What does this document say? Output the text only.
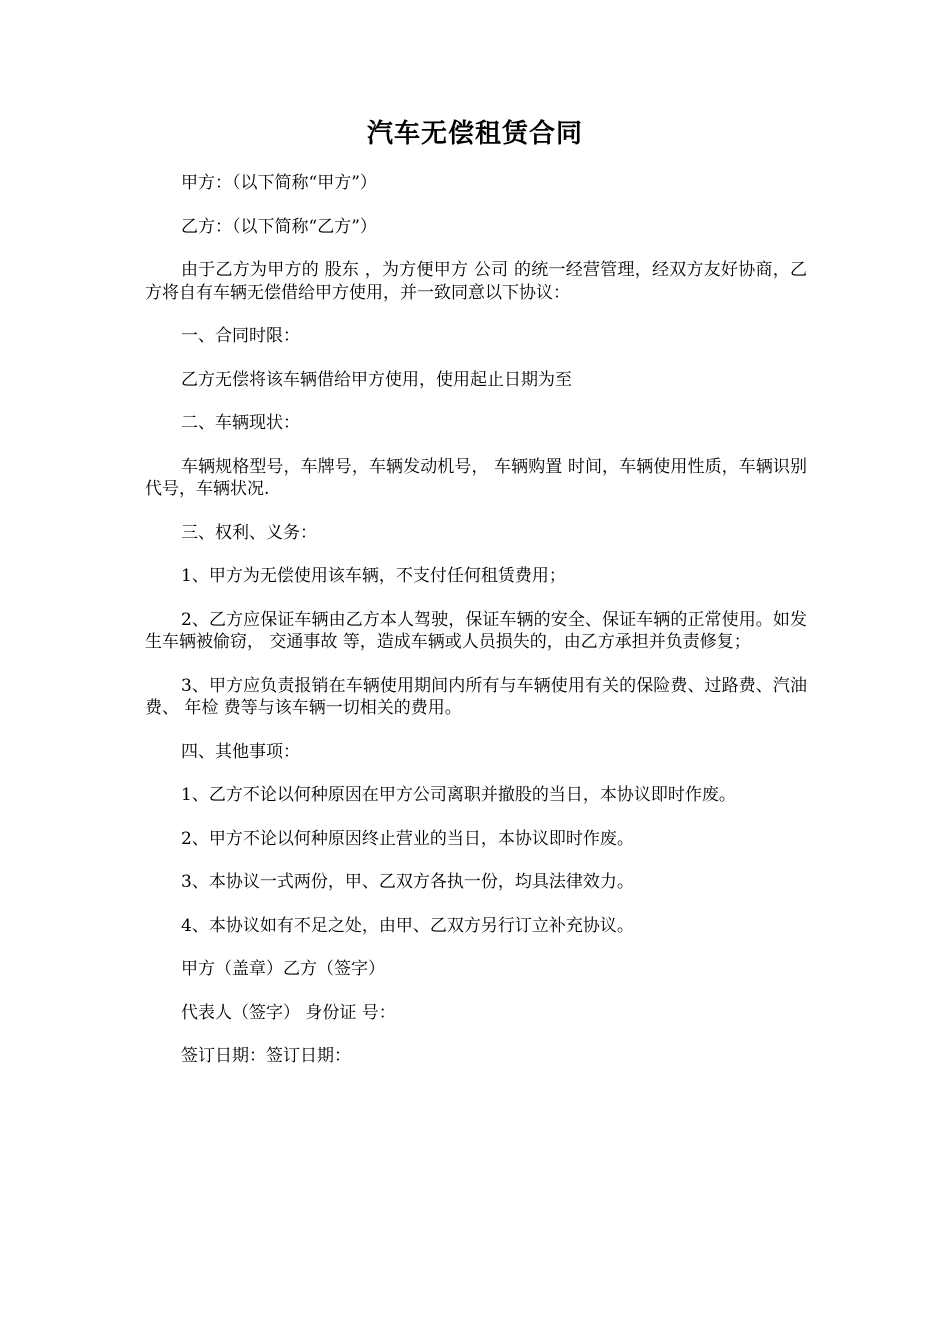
汽车无偿租赁合同

甲方：（以下简称“甲方”）

乙方：（以下简称“乙方”）

由于乙方为甲方的 股东 ，为方便甲方 公司 的统一经营管理，经双方友好协商，乙方将自有车辆无偿借给甲方使用，并一致同意以下协议：

一、合同时限：

乙方无偿将该车辆借给甲方使用，使用起止日期为至

二、车辆现状：

车辆规格型号，车牌号，车辆发动机号， 车辆购置 时间，车辆使用性质，车辆识别代号，车辆状况.

三、权利、义务：

1、甲方为无偿使用该车辆，不支付任何租赁费用；

2、乙方应保证车辆由乙方本人驾驶，保证车辆的安全、保证车辆的正常使用。如发生车辆被偷窃， 交通事故 等，造成车辆或人员损失的，由乙方承担并负责修复；

3、甲方应负责报销在车辆使用期间内所有与车辆使用有关的保险费、过路费、汽油费、 年检 费等与该车辆一切相关的费用。

四、其他事项：

1、乙方不论以何种原因在甲方公司离职并撤股的当日，本协议即时作废。

2、甲方不论以何种原因终止营业的当日，本协议即时作废。

3、本协议一式两份，甲、乙双方各执一份，均具法律效力。

4、本协议如有不足之处，由甲、乙双方另行订立补充协议。

甲方（盖章）乙方（签字）

代表人（签字） 身份证 号：

签订日期：签订日期：
